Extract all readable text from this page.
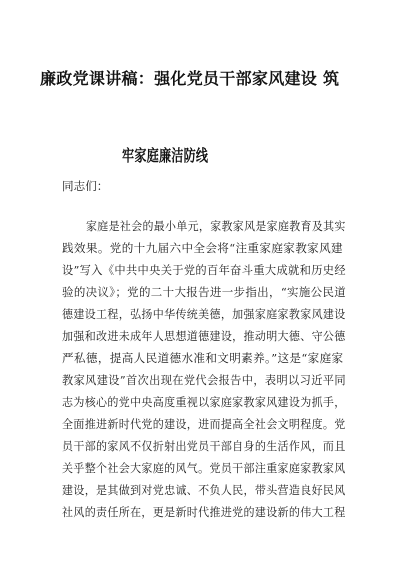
廉政党课讲稿：强化党员干部家风建设 筑
牢家庭廉洁防线
同志们：
家庭是社会的最小单元，家教家风是家庭教育及其实
践效果。党的十九届六中全会将“注重家庭家教家风建
设”写入《中共中央关于党的百年奋斗重大成就和历史经
验的决议》；党的二十大报告进一步指出，“实施公民道
德建设工程，弘扬中华传统美德，加强家庭家教家风建设
加强和改进未成年人思想道德建设，推动明大德、守公德
严私德，提高人民道德水准和文明素养。”这是“家庭家
教家风建设”首次出现在党代会报告中，表明以习近平同
志为核心的党中央高度重视以家庭家教家风建设为抓手，
全面推进新时代党的建设，进而提高全社会文明程度。党
员干部的家风不仅折射出党员干部自身的生活作风，而且
关乎整个社会大家庭的风气。党员干部注重家庭家教家风
建设，是其做到对党忠诚、不负人民，带头营造良好民风
社风的责任所在，更是新时代推进党的建设新的伟大工程
